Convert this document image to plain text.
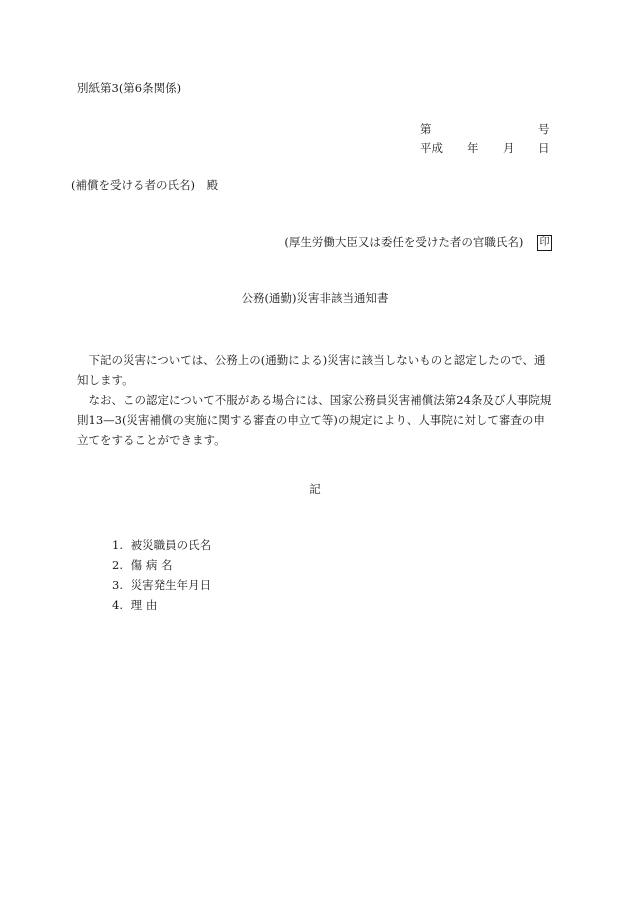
別紙第3(第6条関係)
第	号
平成 年 月 日
(補償を受ける者の氏名) 殿
(厚生労働大臣又は委任を受けた者の官職氏名) 印
公務(通勤)災害非該当通知書

下記の災害については、公務上の(通勤による)災害に該当しないものと認定したので、通知します。

なお、この認定について不服がある場合には、国家公務員災害補償法第24条及び人事院規則13—3(災害補償の実施に関する審査の申立て等)の規定により、人事院に対して審査の申立てをすることができます。

記
1. 被災職員の氏名
2. 傷 病 名
3. 災害発生年月日
4. 理 由
